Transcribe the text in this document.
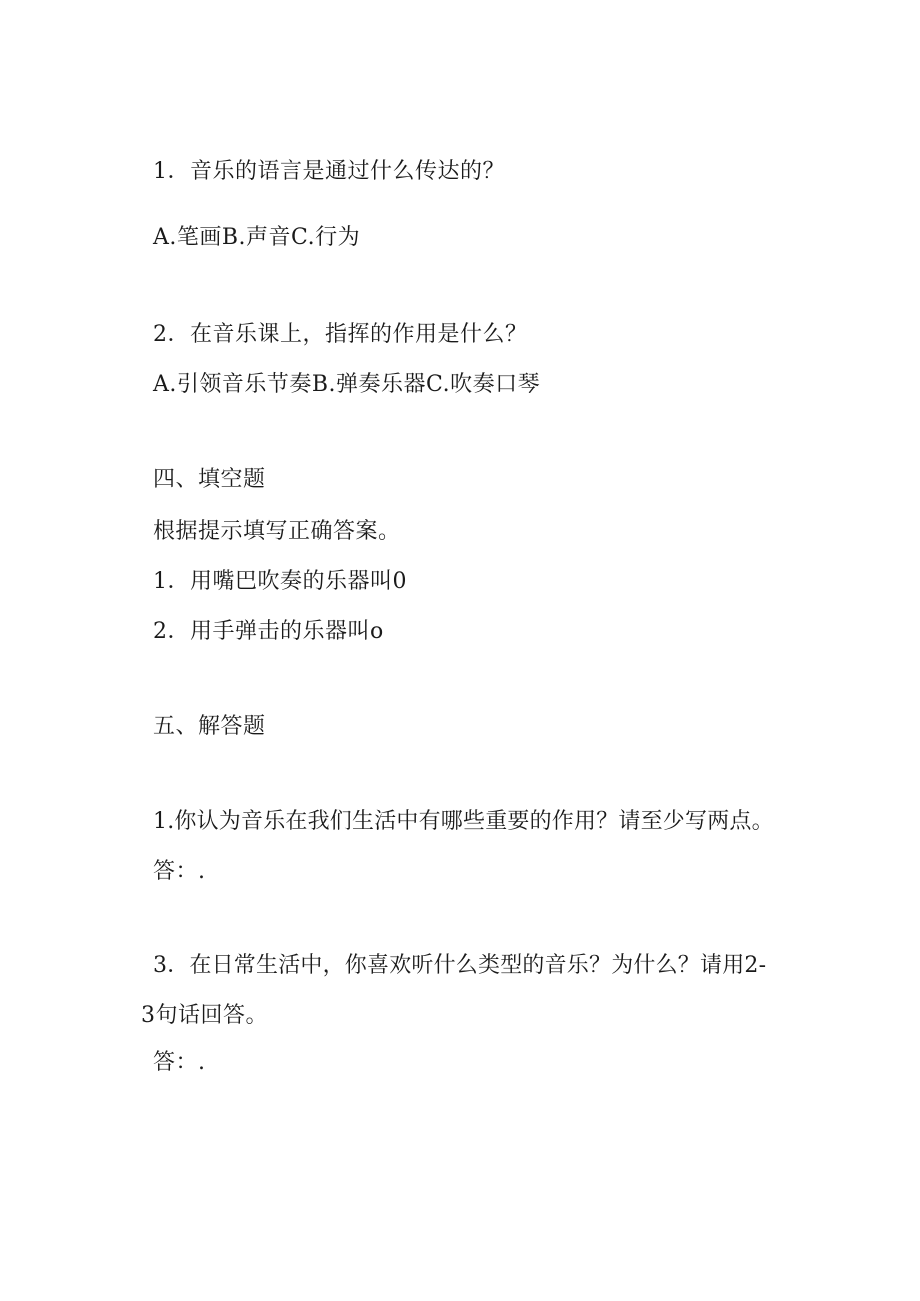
1．音乐的语言是通过什么传达的？
A.笔画B.声音C.行为
2．在音乐课上，指挥的作用是什么？
A.引领音乐节奏B.弹奏乐器C.吹奏口琴
四、填空题
根据提示填写正确答案。
1．用嘴巴吹奏的乐器叫0
2．用手弹击的乐器叫o
五、解答题
1.你认为音乐在我们生活中有哪些重要的作用？请至少写两点。
答：.
3．在日常生活中，你喜欢听什么类型的音乐？为什么？请用2-
3句话回答。
答：.
